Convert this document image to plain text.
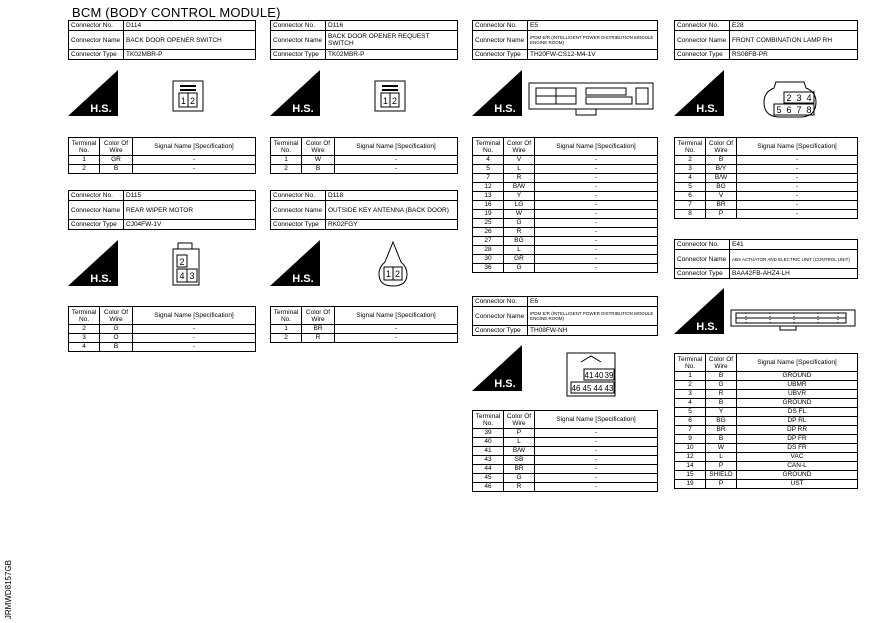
BCM (BODY CONTROL MODULE)
JRMWD8157GB
Connector No.	D114
Connector Name	BACK DOOR OPENER SWITCH
Connector Type	TK02MBR-P
H.S.
1 2
Terminal No.	Color Of Wire	Signal Name [Specification]
1	GR	-
2	B	-
Connector No.	D116
Connector Name	BACK DOOR OPENER REQUEST SWITCH
Connector Type	TK02MBR-P
H.S.
1 2
Terminal No.	Color Of Wire	Signal Name [Specification]
1	W	-
2	B	-
Connector No.	D115
Connector Name	REAR WIPER MOTOR
Connector Type	CJ04FW-1V
H.S.
2
4 3
Terminal No.	Color Of Wire	Signal Name [Specification]
2	G	-
3	O	-
4	B	-
Connector No.	D118
Connector Name	OUTSIDE KEY ANTENNA (BACK DOOR)
Connector Type	RK02FGY
H.S.	1 2
Terminal No.	Color Of Wire	Signal Name [Specification]
1	BR	-
2	R	-
Connector No.	E5
Connector Name	IPDM E/R (INTELLIGENT POWER DISTRIBUTION MODULE ENGINE ROOM)
Connector Type	TH20FW-CS12-M4-1V
H.S.
Terminal No.	Color Of Wire	Signal Name [Specification]
4	V	-
5	L	-
7	R	-
12	B/W	-
13	Y	-
16	LG	-
19	W	-
25	G	-
26	R	-
27	BG	-
28	L	-
30	GR	-
36	G	-
Connector No.	E6
Connector Name	IPDM E/R (INTELLIGENT POWER DISTRIBUTION MODULE ENGINE ROOM)
Connector Type	TH08FW-NH
H.S.
41 40 39
46 45 44 43
Terminal No.	Color Of Wire	Signal Name [Specification]
39	P	-
40	L	-
41	B/W	-
43	SB	-
44	BR	-
45	G	-
46	R	-
Connector No.	E28
Connector Name	FRONT COMBINATION LAMP RH
Connector Type	RS08FB-PR
H.S.
2 3 4
5 6 7 8
Terminal No.	Color Of Wire	Signal Name [Specification]
2	B	-
3	B/Y	-
4	B/W	-
5	BG	-
6	V	-
7	BR	-
8	P	-
Connector No.	E41
Connector Name	ABS ACTUATOR AND ELECTRIC UNIT (CONTROL UNIT)
Connector Type	BAA42FB-AHZ4-LH
H.S.
Terminal No.	Color Of Wire	Signal Name [Specification]
1	B	GROUND
2	G	UBMR
3	R	UBVR
4	B	GROUND
5	Y	DS FL
6	BG	DP RL
7	BR	DP RR
9	B	DP FR
10	W	DS FR
12	L	VAC
14	P	CAN-L
15	SHIELD	GROUND
19	P	UST
